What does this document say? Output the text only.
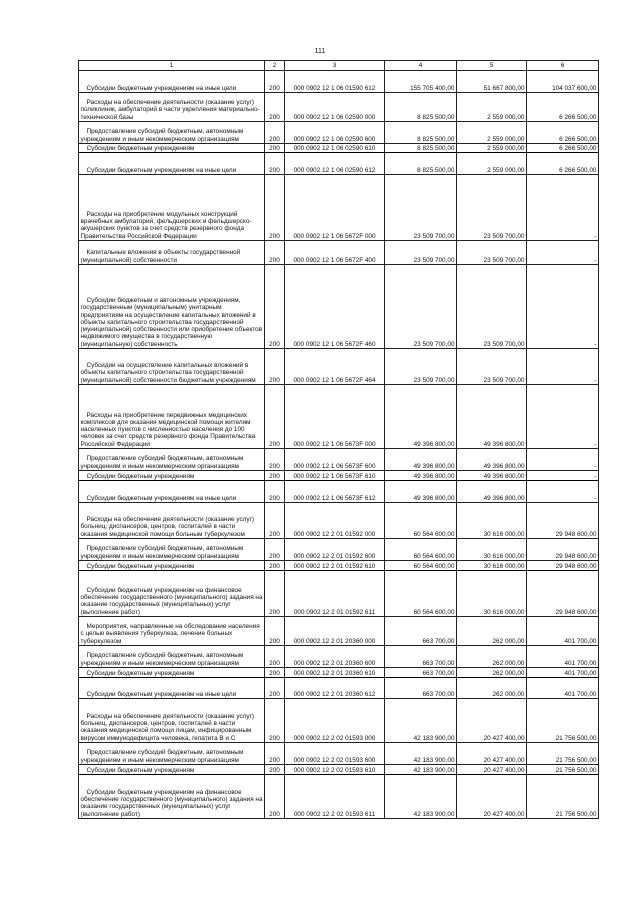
111
1	2	3	4	5	6
Субсидии бюджетным учреждениям на иные цели	200	000 0902 12 1 06 01590 612	155 705 400,00	51 667 800,00	104 037 600,00
Расходы на обеспечение деятельности (оказание услуг) поликлиник, амбулаторий в части укрепления материально-технической базы	200	000 0902 12 1 06 02590 000	8 825 500,00	2 559 000,00	6 266 500,00
Предоставление субсидий бюджетным, автономным учреждениям и иным некоммерческим организациям	200	000 0902 12 1 06 02590 600	8 825 500,00	2 559 000,00	6 266 500,00
Субсидии бюджетным учреждениям	200	000 0902 12 1 06 02590 610	8 825 500,00	2 559 000,00	6 266 500,00
Субсидии бюджетным учреждениям на иные цели	200	000 0902 12 1 06 02590 612	8 825 500,00	2 559 000,00	6 266 500,00
Расходы на приобретение модульных конструкций врачебных амбулаторий, фельдшерских и фельдшерско-акушерских пунктов за счет средств резервного фонда Правительства Российской Федерации	200	000 0902 12 1 06 5672F 000	23 509 700,00	23 509 700,00	-
Капитальные вложения в объекты государственной (муниципальной) собственности	200	000 0902 12 1 06 5672F 400	23 509 700,00	23 509 700,00	-
Субсидии бюджетным и автономным учреждениям, государственным (муниципальным) унитарным предприятиям на осуществление капитальных вложений в объекты капитального строительства государственной (муниципальной) собственности или приобретение объектов недвижимого имущества в государственную (муниципальную) собственность	200	000 0902 12 1 06 5672F 460	23 509 700,00	23 509 700,00	-
Субсидии на осуществление капитальных вложений в объекты капитального строительства государственной (муниципальной) собственности бюджетным учреждениям	200	000 0902 12 1 06 5672F 464	23 509 700,00	23 509 700,00	-
Расходы на приобретение передвижных медицинских комплексов для оказания медицинской помощи жителям населенных пунктов с численностью населения до 100 человек за счет средств резервного фонда Правительства Российской Федерации	200	000 0902 12 1 06 5673F 000	49 396 800,00	49 396 800,00	-
Предоставление субсидий бюджетным, автономным учреждениям и иным некоммерческим организациям	200	000 0902 12 1 06 5673F 600	49 396 800,00	49 396 800,00	-
Субсидии бюджетным учреждениям	200	000 0902 12 1 06 5673F 610	49 396 800,00	49 396 800,00	-
Субсидии бюджетным учреждениям на иные цели	200	000 0902 12 1 06 5673F 612	49 396 800,00	49 396 800,00	-
Расходы на обеспечение деятельности (оказание услуг) больниц, диспансеров, центров, госпиталей в части оказания медицинской помощи больным туберкулезом	200	000 0902 12 2 01 01592 000	60 564 600,00	30 616 000,00	29 948 600,00
Предоставление субсидий бюджетным, автономным учреждениям и иным некоммерческим организациям	200	000 0902 12 2 01 01592 600	60 564 600,00	30 616 000,00	29 948 600,00
Субсидии бюджетным учреждениям	200	000 0902 12 2 01 01592 610	60 564 600,00	30 616 000,00	29 948 600,00
Субсидии бюджетным учреждениям на финансовое обеспечение государственного (муниципального) задания на оказание государственных (муниципальных) услуг (выполнение работ)	200	000 0902 12 2 01 01592 611	60 564 600,00	30 616 000,00	29 948 600,00
Мероприятия, направленные на обследование населения с целью выявления туберкулеза, лечение больных туберкулезом	200	000 0902 12 2 01 20360 000	663 700,00	262 000,00	401 700,00
Предоставление субсидий бюджетным, автономным учреждениям и иным некоммерческим организациям	200	000 0902 12 2 01 20360 600	663 700,00	262 000,00	401 700,00
Субсидии бюджетным учреждениям	200	000 0902 12 2 01 20360 610	663 700,00	262 000,00	401 700,00
Субсидии бюджетным учреждениям на иные цели	200	000 0902 12 2 01 20360 612	663 700,00	262 000,00	401 700,00
Расходы на обеспечение деятельности (оказание услуг) больниц, диспансеров, центров, госпиталей в части оказания медицинской помощи лицам, инфицированным вирусом иммунодефицита человека, гепатита В и С	200	000 0902 12 2 02 01593 000	42 183 900,00	20 427 400,00	21 756 500,00
Предоставление субсидий бюджетным, автономным учреждениям и иным некоммерческим организациям	200	000 0902 12 2 02 01593 600	42 183 900,00	20 427 400,00	21 756 500,00
Субсидии бюджетным учреждениям	200	000 0902 12 2 02 01593 610	42 183 900,00	20 427 400,00	21 756 500,00
Субсидии бюджетным учреждениям на финансовое обеспечение государственного (муниципального) задания на оказание государственных (муниципальных) услуг (выполнение работ)	200	000 0902 12 2 02 01593 611	42 183 900,00	20 427 400,00	21 756 500,00
